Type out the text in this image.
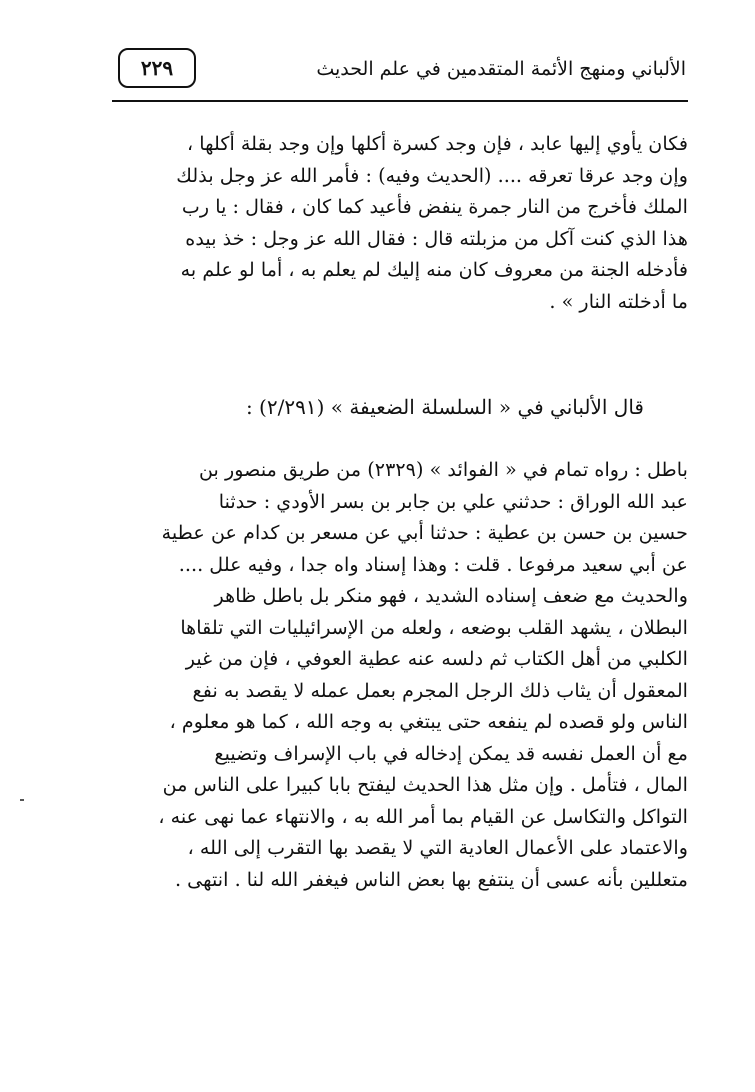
الألباني ومنهج الأئمة المتقدمين في علم الحديث
٢٢٩
فكان يأوي إليها عابد ، فإن وجد كسرة أكلها وإن وجد بقلة أكلها ،
وإن وجد عرقا تعرقه .... (الحديث وفيه) : فأمر الله عز وجل بذلك
الملك فأخرج من النار جمرة ينفض فأعيد كما كان ، فقال : يا رب
هذا الذي كنت آكل من مزبلته قال : فقال الله عز وجل : خذ بيده
فأدخله الجنة من معروف كان منه إليك لم يعلم به ، أما لو علم به
ما أدخلته النار » .
قال الألباني في « السلسلة الضعيفة » (٢/٢٩١) :
باطل : رواه تمام في « الفوائد » (٢٣٢٩) من طريق منصور بن
عبد الله الوراق : حدثني علي بن جابر بن بسر الأودي : حدثنا
حسين بن حسن بن عطية : حدثنا أبي عن مسعر بن كدام عن عطية
عن أبي سعيد مرفوعا . قلت : وهذا إسناد واه جدا ، وفيه علل ....
والحديث مع ضعف إسناده الشديد ، فهو منكر بل باطل ظاهر
البطلان ، يشهد القلب بوضعه ، ولعله من الإسرائيليات التي تلقاها
الكلبي من أهل الكتاب ثم دلسه عنه عطية العوفي ، فإن من غير
المعقول أن يثاب ذلك الرجل المجرم بعمل عمله لا يقصد به نفع
الناس ولو قصده لم ينفعه حتى يبتغي به وجه الله ، كما هو معلوم ،
مع أن العمل نفسه قد يمكن إدخاله في باب الإسراف وتضييع
المال ، فتأمل . وإن مثل هذا الحديث ليفتح بابا كبيرا على الناس من
التواكل والتكاسل عن القيام بما أمر الله به ، والانتهاء عما نهى عنه ،
والاعتماد على الأعمال العادية التي لا يقصد بها التقرب إلى الله ،
متعللين بأنه عسى أن ينتفع بها بعض الناس فيغفر الله لنا . انتهى .
